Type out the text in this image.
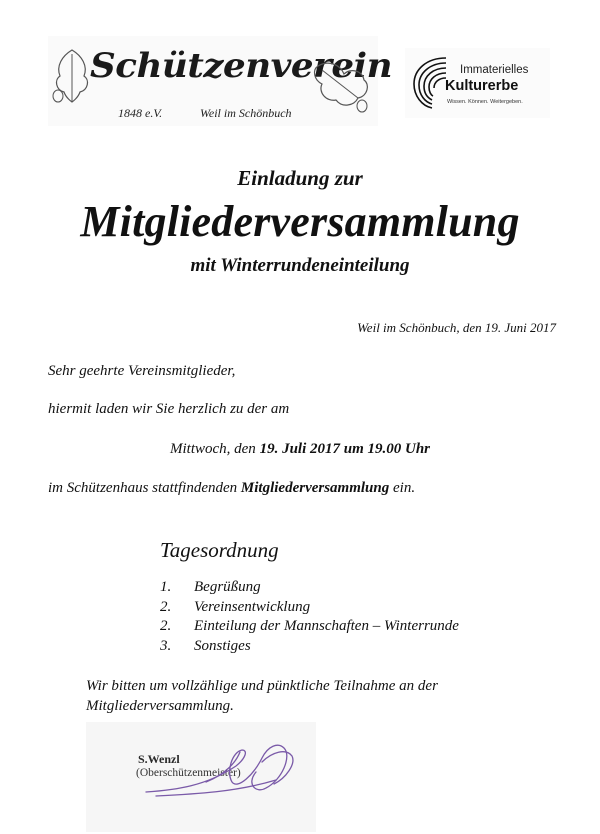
Schützenverein
1848 e.V.	Weil im Schönbuch
Immaterielles
Kulturerbe
Wissen. Können. Weitergeben.
Einladung zur
Mitgliederversammlung
mit Winterrundeneinteilung
Weil im Schönbuch, den 19. Juni 2017
Sehr geehrte Vereinsmitglieder,
hiermit laden wir Sie herzlich zu der am
Mittwoch, den 19. Juli 2017 um 19.00 Uhr
im Schützenhaus stattfindenden Mitgliederversammlung ein.
Tagesordnung
1. Begrüßung
2. Vereinsentwicklung
2. Einteilung der Mannschaften – Winterrunde
3. Sonstiges
Wir bitten um vollzählige und pünktliche Teilnahme an der
Mitgliederversammlung.
S.Wenzl
(Oberschützenmeister)
